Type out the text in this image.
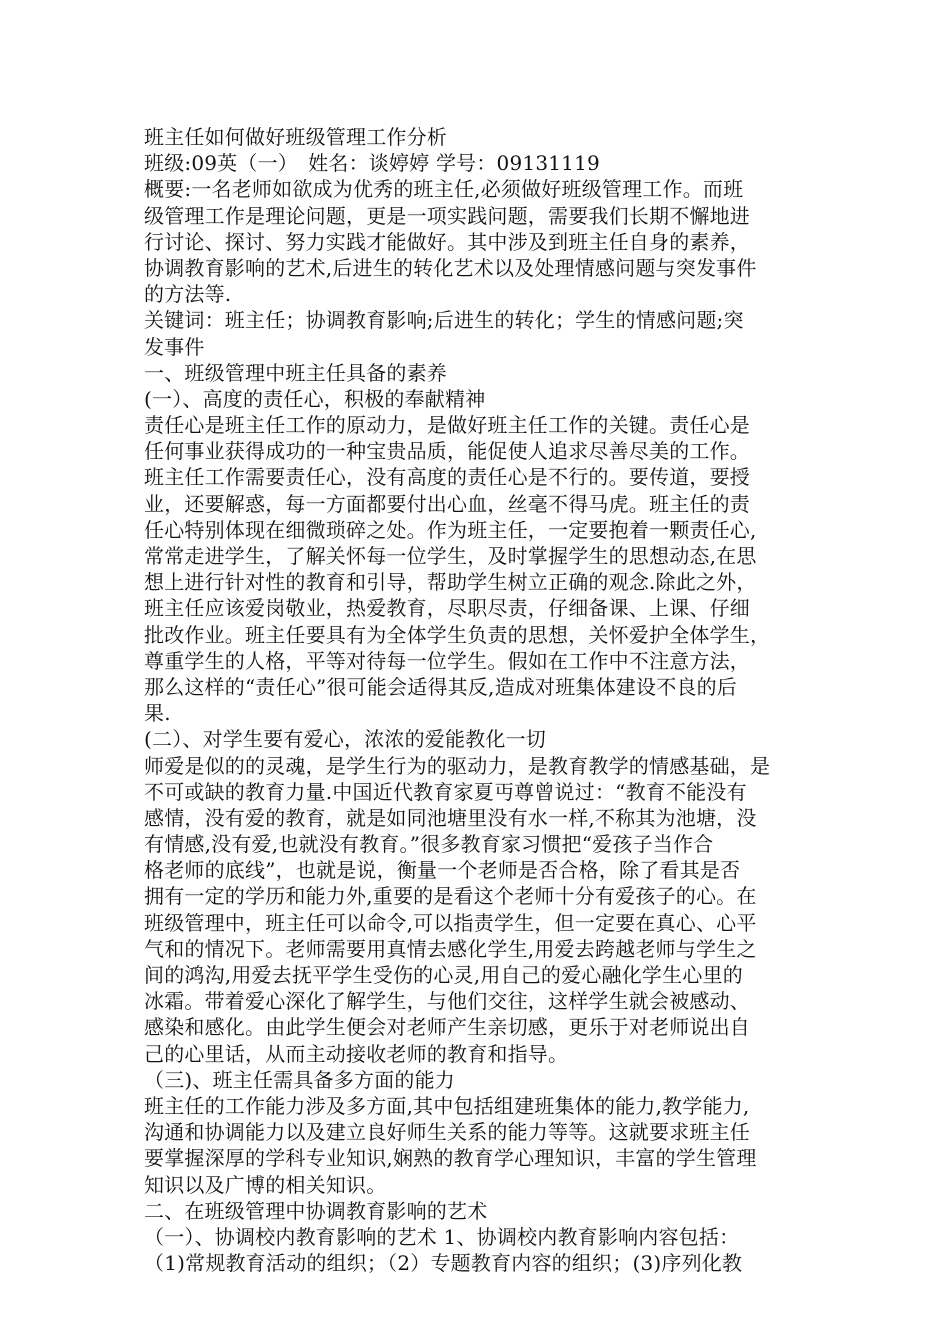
班主任如何做好班级管理工作分析
班级:09英（一）　姓名：谈婷婷 学号：09131119
概要:一名老师如欲成为优秀的班主任,必须做好班级管理工作。而班
级管理工作是理论问题，更是一项实践问题，需要我们长期不懈地进
行讨论、探讨、努力实践才能做好。其中涉及到班主任自身的素养，
协调教育影响的艺术,后进生的转化艺术以及处理情感问题与突发事件
的方法等.
关键词：班主任；协调教育影响;后进生的转化；学生的情感问题;突
发事件
一、班级管理中班主任具备的素养
(一）、高度的责任心，积极的奉献精神
责任心是班主任工作的原动力，是做好班主任工作的关键。责任心是
任何事业获得成功的一种宝贵品质，能促使人追求尽善尽美的工作。
班主任工作需要责任心，没有高度的责任心是不行的。要传道，要授
业，还要解惑，每一方面都要付出心血，丝毫不得马虎。班主任的责
任心特别体现在细微琐碎之处。作为班主任，一定要抱着一颗责任心,
常常走进学生，了解关怀每一位学生，及时掌握学生的思想动态,在思
想上进行针对性的教育和引导，帮助学生树立正确的观念.除此之外，
班主任应该爱岗敬业，热爱教育，尽职尽责，仔细备课、上课、仔细
批改作业。班主任要具有为全体学生负责的思想，关怀爱护全体学生，
尊重学生的人格，平等对待每一位学生。假如在工作中不注意方法，
那么这样的“责任心”很可能会适得其反,造成对班集体建设不良的后
果.
(二）、对学生要有爱心，浓浓的爱能教化一切
师爱是似的的灵魂，是学生行为的驱动力，是教育教学的情感基础，是
不可或缺的教育力量.中国近代教育家夏丏尊曾说过：“教育不能没有
感情，没有爱的教育，就是如同池塘里没有水一样,不称其为池塘，没
有情感,没有爱,也就没有教育。”很多教育家习惯把“爱孩子当作合
格老师的底线”，也就是说，衡量一个老师是否合格，除了看其是否
拥有一定的学历和能力外,重要的是看这个老师十分有爱孩子的心。在
班级管理中，班主任可以命令,可以指责学生，但一定要在真心、心平
气和的情况下。老师需要用真情去感化学生,用爱去跨越老师与学生之
间的鸿沟,用爱去抚平学生受伤的心灵,用自己的爱心融化学生心里的
冰霜。带着爱心深化了解学生，与他们交往，这样学生就会被感动、
感染和感化。由此学生便会对老师产生亲切感，更乐于对老师说出自
己的心里话，从而主动接收老师的教育和指导。
（三)、班主任需具备多方面的能力
班主任的工作能力涉及多方面,其中包括组建班集体的能力,教学能力,
沟通和协调能力以及建立良好师生关系的能力等等。这就要求班主任
要掌握深厚的学科专业知识,娴熟的教育学心理知识，丰富的学生管理
知识以及广博的相关知识。
二、在班级管理中协调教育影响的艺术
（一）、协调校内教育影响的艺术 1、协调校内教育影响内容包括：
（1)常规教育活动的组织；（2）专题教育内容的组织；(3)序列化教
